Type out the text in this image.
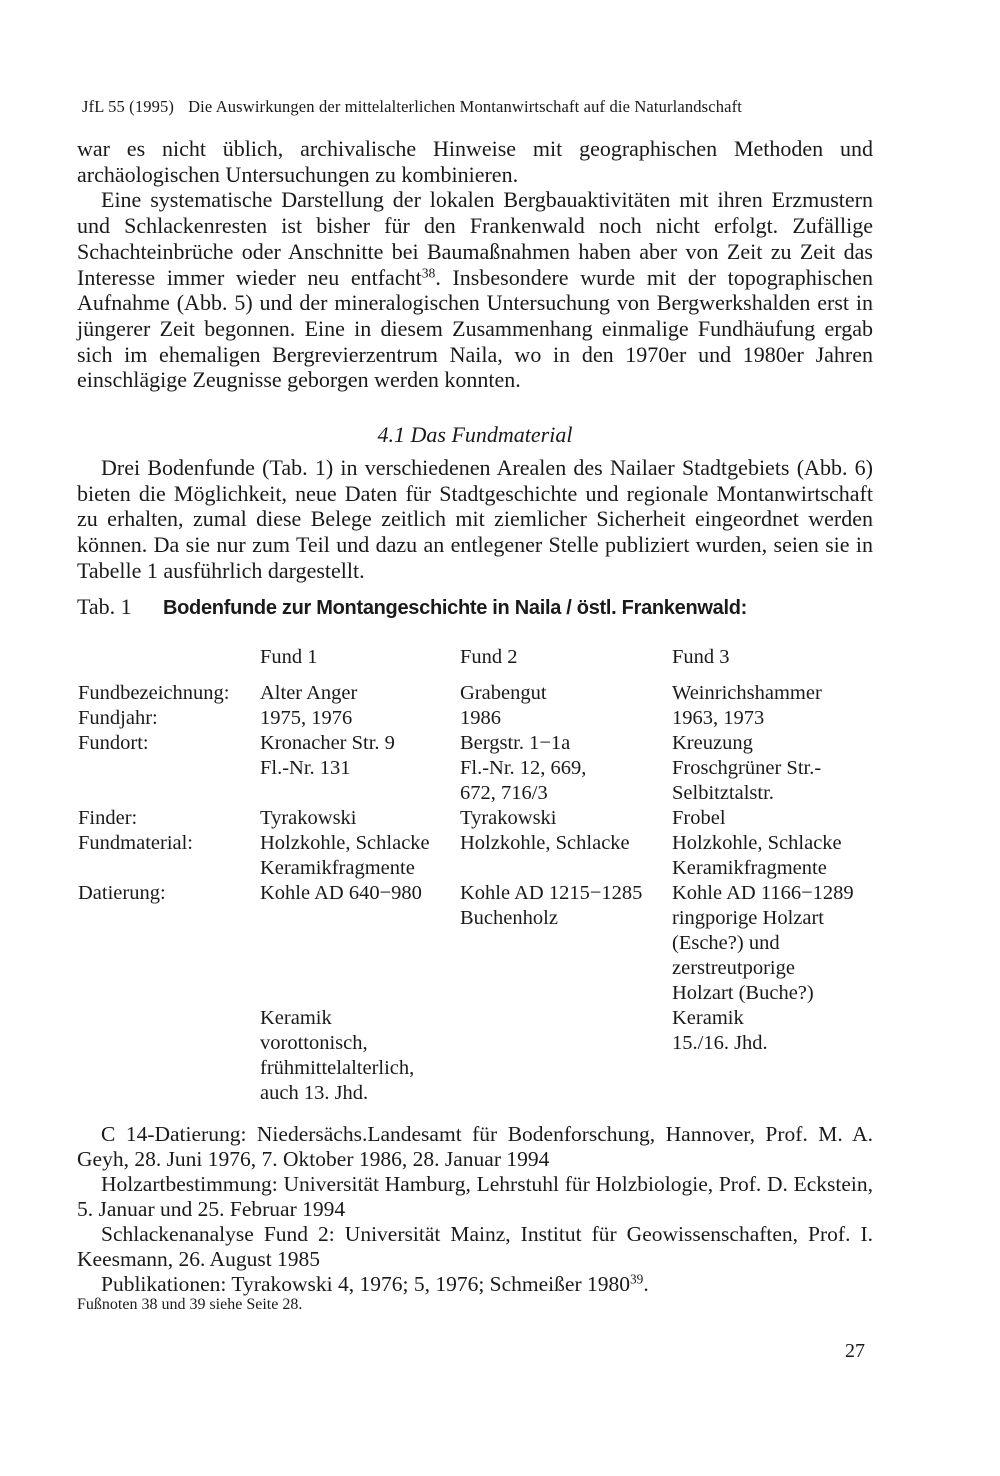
JfL 55 (1995) Die Auswirkungen der mittelalterlichen Montanwirtschaft auf die Naturlandschaft

war es nicht üblich, archivalische Hinweise mit geographischen Methoden und archäologischen Untersuchungen zu kombinieren.

Eine systematische Darstellung der lokalen Bergbauaktivitäten mit ihren Erzmustern und Schlackenresten ist bisher für den Frankenwald noch nicht erfolgt. Zufällige Schachteinbrüche oder Anschnitte bei Baumaßnahmen haben aber von Zeit zu Zeit das Interesse immer wieder neu entfacht$^{38}$. Insbesondere wurde mit der topographischen Aufnahme (Abb. 5) und der mineralogischen Untersuchung von Bergwerkshalden erst in jüngerer Zeit begonnen. Eine in diesem Zusammenhang einmalige Fundhäufung ergab sich im ehemaligen Bergrevierzentrum Naila, wo in den 1970er und 1980er Jahren einschlägige Zeugnisse geborgen werden konnten.

4.1 Das Fundmaterial

Drei Bodenfunde (Tab. 1) in verschiedenen Arealen des Nailaer Stadtgebiets (Abb. 6) bieten die Möglichkeit, neue Daten für Stadtgeschichte und regionale Montanwirtschaft zu erhalten, zumal diese Belege zeitlich mit ziemlicher Sicherheit eingeordnet werden können. Da sie nur zum Teil und dazu an entlegener Stelle publiziert wurden, seien sie in Tabelle 1 ausführlich dargestellt.

Tab. 1 Bodenfunde zur Montangeschichte in Naila / östl. Frankenwald:
Fund 1	Fund 2	Fund 3
Fundbezeichnung:
Fundjahr:
Fundort:
Finder:
Fundmaterial:
Datierung:
Alter Anger
1975, 1976
Kronacher Str. 9
Fl.-Nr. 131
Tyrakowski
Holzkohle, Schlacke
Keramikfragmente
Kohle AD 640−980
Keramik
vorottonisch,
frühmittelalterlich,
auch 13. Jhd.
Grabengut
1986
Bergstr. 1−1a
Fl.-Nr. 12, 669,
672, 716/3
Tyrakowski
Holzkohle, Schlacke
Kohle AD 1215−1285
Buchenholz
Weinrichshammer
1963, 1973
Kreuzung
Froschgrüner Str.-
Selbitztalstr.
Frobel
Holzkohle, Schlacke
Keramikfragmente
Kohle AD 1166−1289
ringporige Holzart
(Esche?) und
zerstreutporige
Holzart (Buche?)
Keramik
15./16. Jhd.

C 14-Datierung: Niedersächs.Landesamt für Bodenforschung, Hannover, Prof. M. A. Geyh, 28. Juni 1976, 7. Oktober 1986, 28. Januar 1994

Holzartbestimmung: Universität Hamburg, Lehrstuhl für Holzbiologie, Prof. D. Eckstein, 5. Januar und 25. Februar 1994

Schlackenanalyse Fund 2: Universität Mainz, Institut für Geowissenschaften, Prof. I. Keesmann, 26. August 1985

Publikationen: Tyrakowski 4, 1976; 5, 1976; Schmeißer 1980$^{39}$.

Fußnoten 38 und 39 siehe Seite 28.
27
